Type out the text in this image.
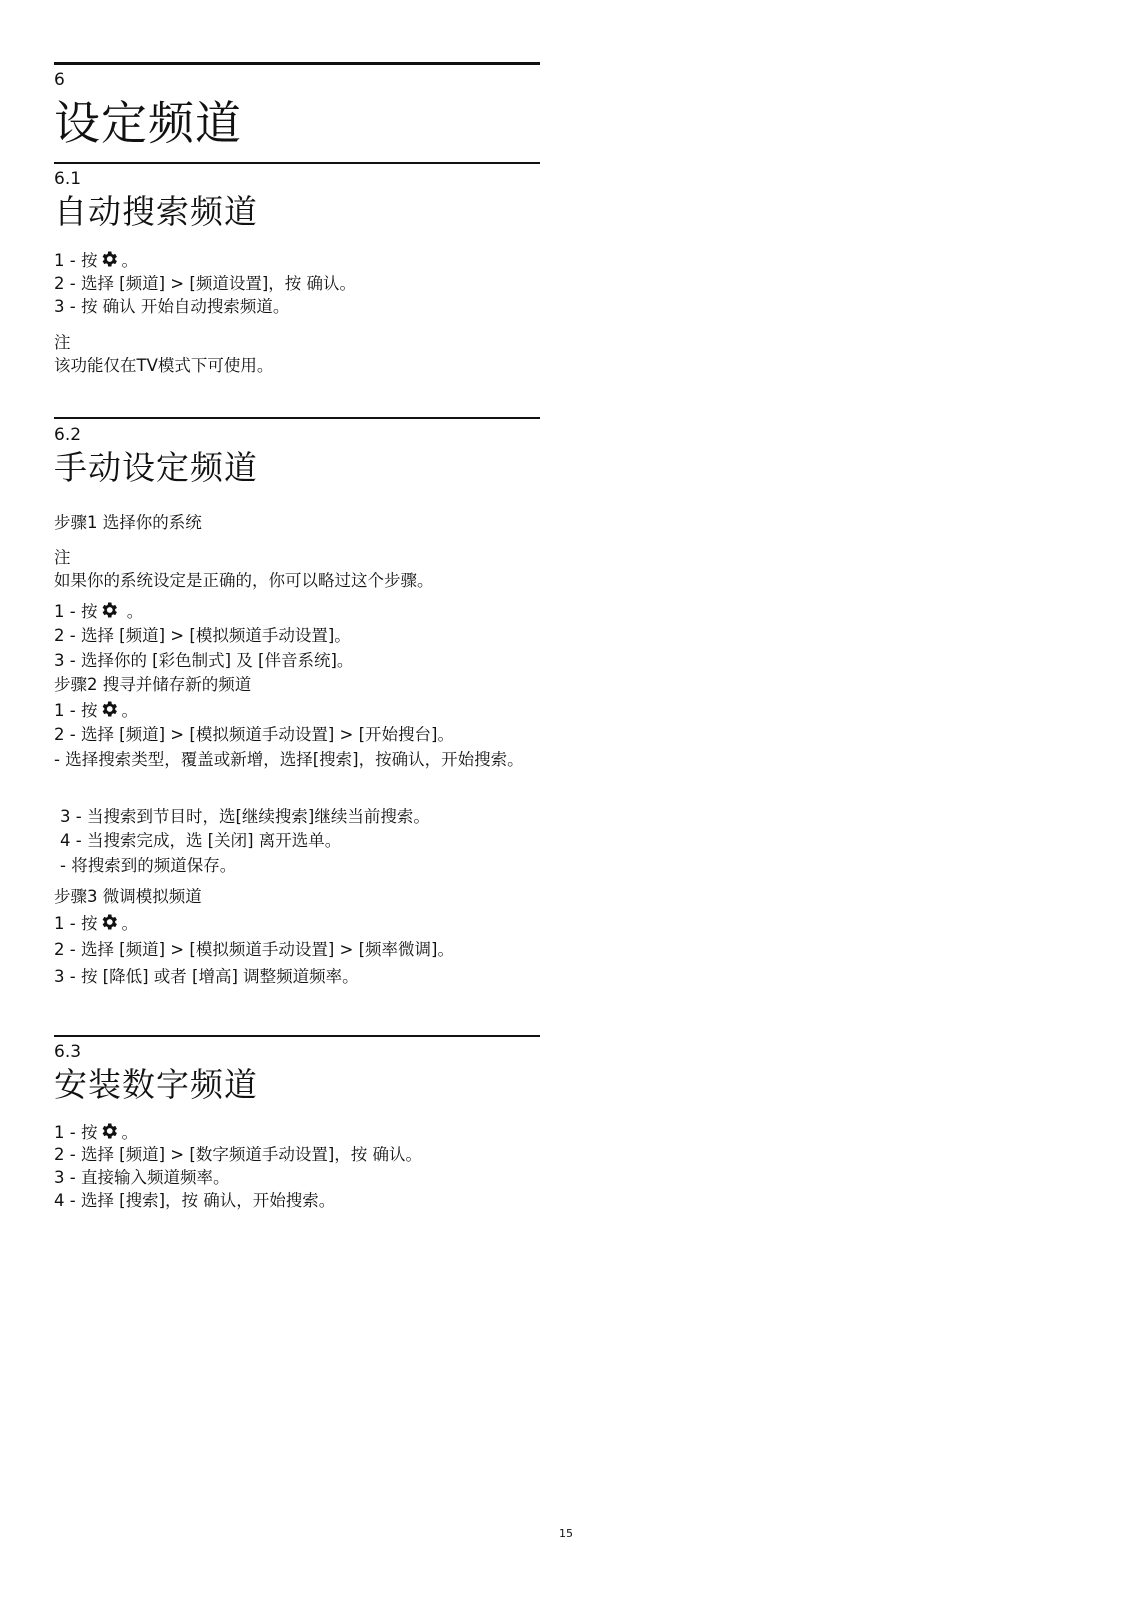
6
设定频道
6.1
自动搜索频道
1 - 按 。
2 - 选择 [频道] > [频道设置]，按 确认。
3 - 按 确认 开始自动搜索频道。
注
该功能仅在TV模式下可使用。
6.2
手动设定频道
步骤1 选择你的系统
注
如果你的系统设定是正确的，你可以略过这个步骤。
1 - 按 。
2 - 选择 [频道] > [模拟频道手动设置]。
3 - 选择你的 [彩色制式] 及 [伴音系统]。
步骤2 搜寻并储存新的频道
1 - 按 。
2 - 选择 [频道] > [模拟频道手动设置] > [开始搜台]。
- 选择搜索类型，覆盖或新增，选择[搜索]，按确认，开始搜索。
3 - 当搜索到节目时，选[继续搜索]继续当前搜索。
4 - 当搜索完成，选 [关闭] 离开选单。
- 将搜索到的频道保存。
步骤3 微调模拟频道
1 - 按 。
2 - 选择 [频道] > [模拟频道手动设置] > [频率微调]。
3 - 按 [降低] 或者 [增高] 调整频道频率。
6.3
安装数字频道
1 - 按 。
2 - 选择 [频道] > [数字频道手动设置]，按 确认。
3 - 直接输入频道频率。
4 - 选择 [搜索]，按 确认，开始搜索。
15
